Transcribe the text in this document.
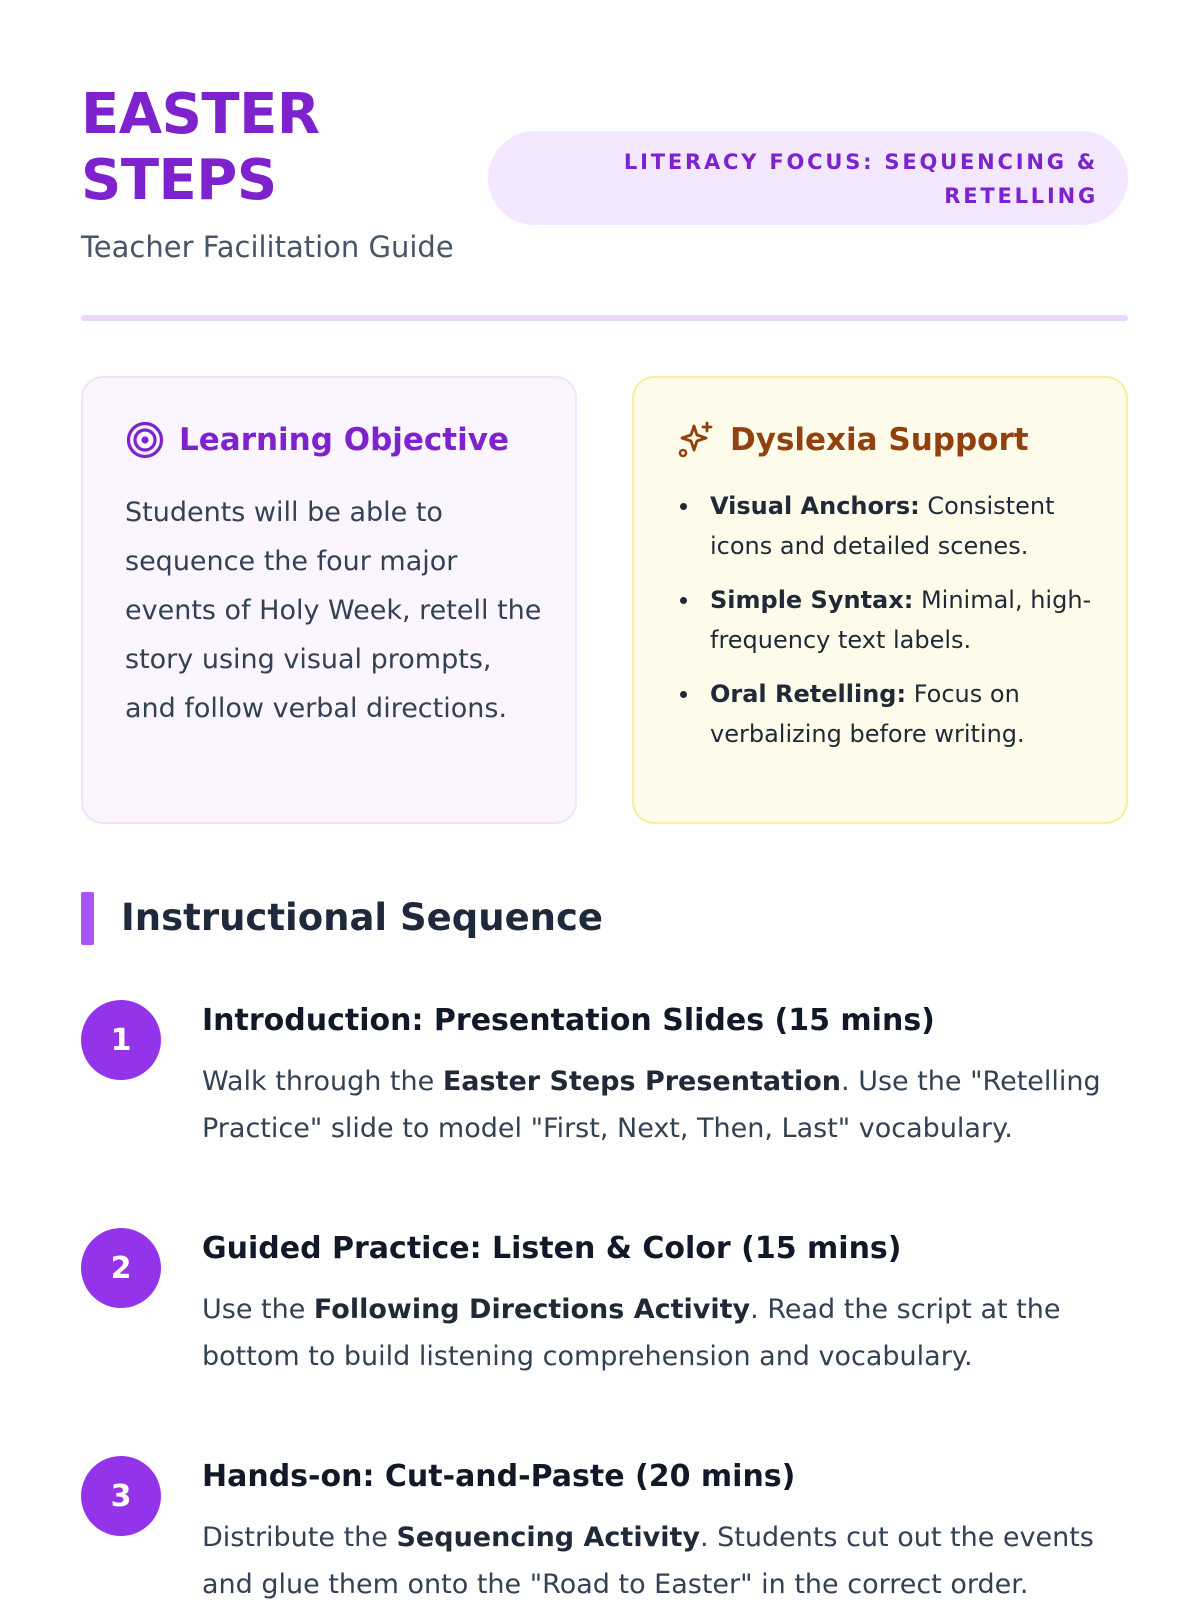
EASTER
STEPS	LITERACY FOCUS: SEQUENCING &
RETELLING

Teacher Facilitation Guide

Learning Objective

Students will be able to sequence the four major events of Holy Week, retell the story using visual prompts, and follow verbal directions.

Dyslexia Support
Visual Anchors: Consistent icons and detailed scenes.
Simple Syntax: Minimal, high-frequency text labels.
Oral Retelling: Focus on verbalizing before writing.
Instructional Sequence
1
Introduction: Presentation Slides (15 mins)

Walk through the Easter Steps Presentation. Use the "Retelling Practice" slide to model "First, Next, Then, Last" vocabulary.

2
Guided Practice: Listen & Color (15 mins)

Use the Following Directions Activity. Read the script at the bottom to build listening comprehension and vocabulary.

3
Hands-on: Cut-and-Paste (20 mins)

Distribute the Sequencing Activity. Students cut out the events and glue them onto the "Road to Easter" in the correct order.
